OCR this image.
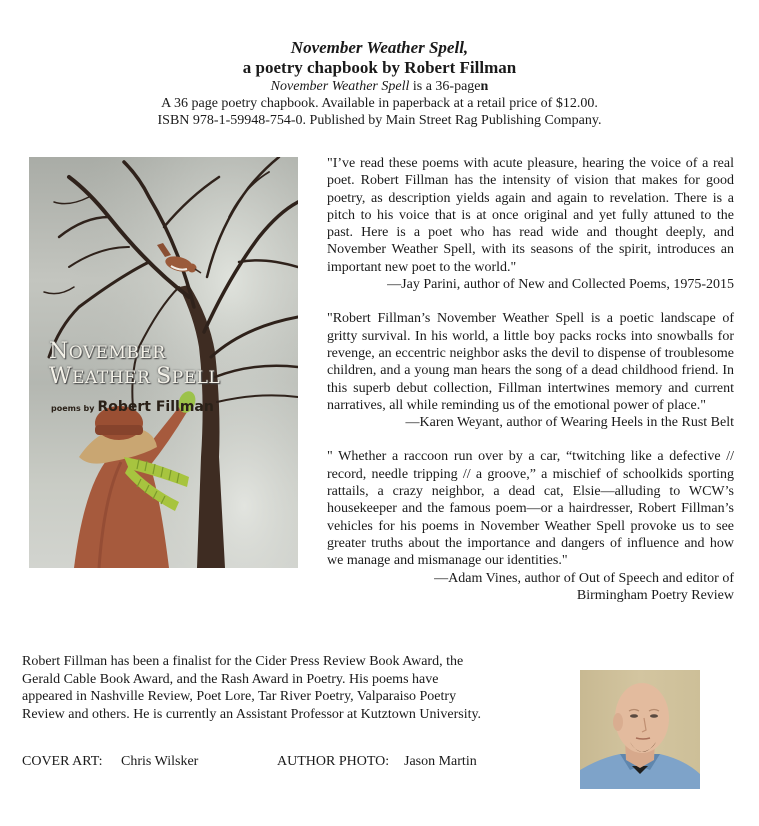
November Weather Spell,

a poetry chapbook by Robert Fillman

November Weather Spell is a 36-pagen

A 36 page poetry chapbook. Available in paperback at a retail price of $12.00.

ISBN 978-1-59948-754-0. Published by Main Street Rag Publishing Company.

NOVEMBER
WEATHER SPELL
poems by Robert Fillman

"I’ve read these poems with acute pleasure, hearing the voice of a real poet. Robert Fillman has the intensity of vision that makes for good poetry, as description yields again and again to revelation. There is a pitch to his voice that is at once original and yet fully attuned to the past. Here is a poet who has read wide and thought deeply, and November Weather Spell, with its seasons of the spirit, introduces an important new poet to the world."

—Jay Parini, author of New and Collected Poems, 1975-2015

"Robert Fillman’s November Weather Spell is a poetic landscape of gritty survival. In his world, a little boy packs rocks into snowballs for revenge, an eccentric neighbor asks the devil to dispense of troublesome children, and a young man hears the song of a dead childhood friend. In this superb debut collection, Fillman intertwines memory and current narratives, all while reminding us of the emotional power of place."

—Karen Weyant, author of Wearing Heels in the Rust Belt

" Whether a raccoon run over by a car, “twitching like a defective // record, needle tripping // a groove,” a mischief of schoolkids sporting rattails, a crazy neighbor, a dead cat, Elsie—alluding to WCW’s housekeeper and the famous poem—or a hairdresser, Robert Fillman’s vehicles for his poems in November Weather Spell provoke us to see greater truths about the importance and dangers of influence and how we manage and mismanage our identities."

—Adam Vines, author of Out of Speech and editor of

Birmingham Poetry Review

Robert Fillman has been a finalist for the Cider Press Review Book Award, the Gerald Cable Book Award, and the Rash Award in Poetry. His poems have appeared in Nashville Review, Poet Lore, Tar River Poetry, Valparaiso Poetry Review and others. He is currently an Assistant Professor at Kutztown University.

COVER ART: Chris Wilsker	AUTHOR PHOTO: Jason Martin
